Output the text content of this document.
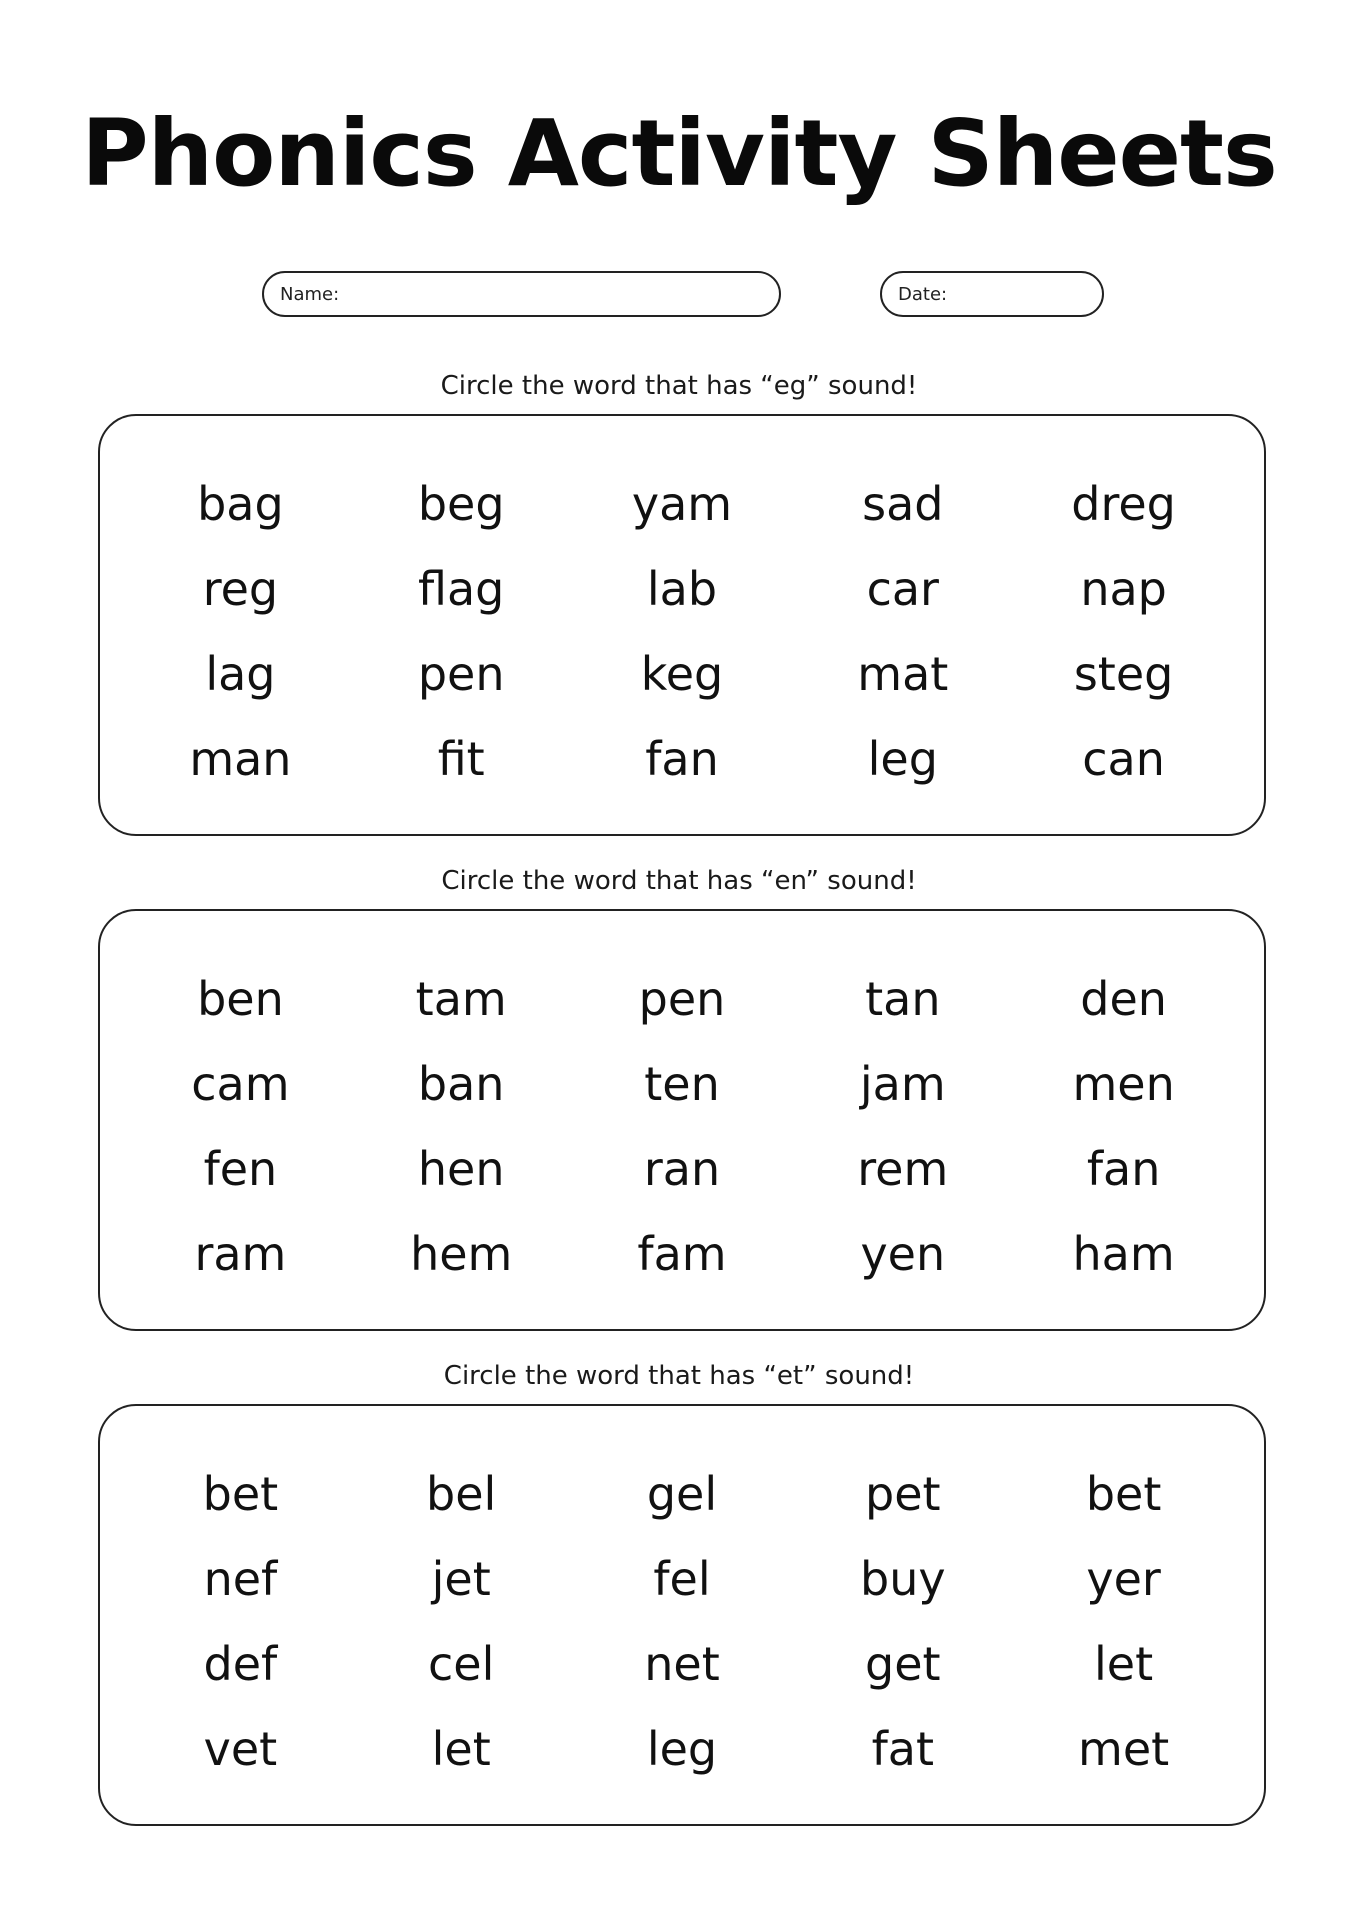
Phonics Activity Sheets
Name:	Date:
Circle the word that has “eg” sound!
bag	beg	yam	sad	dreg
reg	flag	lab	car	nap
lag	pen	keg	mat	steg
man	fit	fan	leg	can
Circle the word that has “en” sound!
ben	tam	pen	tan	den
cam	ban	ten	jam	men
fen	hen	ran	rem	fan
ram	hem	fam	yen	ham
Circle the word that has “et” sound!
bet	bel	gel	pet	bet
nef	jet	fel	buy	yer
def	cel	net	get	let
vet	let	leg	fat	met
